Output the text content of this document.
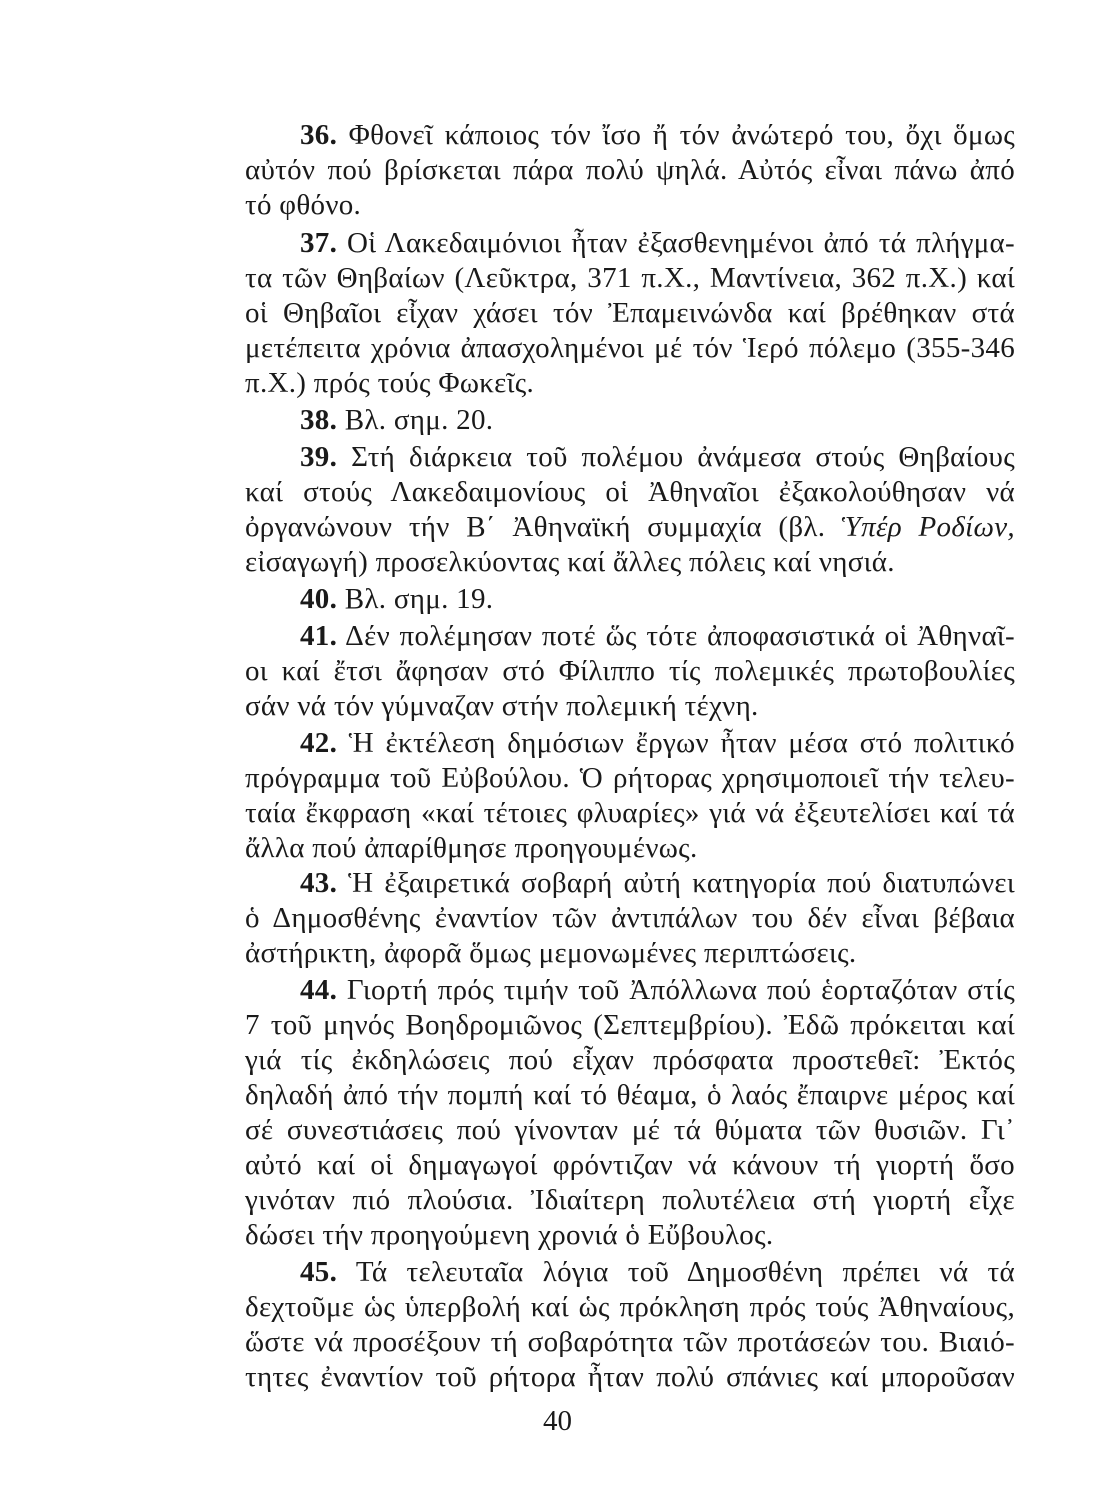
36. Φθονεῖ κάποιος τόν ἴσο ἤ τόν ἀνώτερό του, ὄχι ὅμως
αὐτόν πού βρίσκεται πάρα πολύ ψηλά. Αὐτός εἶναι πάνω ἀπό
τό φθόνο.
37. Οἱ Λακεδαιμόνιοι ἦταν ἐξασθενημένοι ἀπό τά πλήγμα-
τα τῶν Θηβαίων (Λεῦκτρα, 371 π.Χ., Μαντίνεια, 362 π.Χ.) καί
οἱ Θηβαῖοι εἶχαν χάσει τόν Ἐπαμεινώνδα καί βρέθηκαν στά
μετέπειτα χρόνια ἀπασχολημένοι μέ τόν Ἱερό πόλεμο (355-346
π.Χ.) πρός τούς Φωκεῖς.
38. Βλ. σημ. 20.
39. Στή διάρκεια τοῦ πολέμου ἀνάμεσα στούς Θηβαίους
καί στούς Λακεδαιμονίους οἱ Ἀθηναῖοι ἐξακολούθησαν νά
ὀργανώνουν τήν Β΄ Ἀθηναϊκή συμμαχία (βλ. Ὑπέρ Ροδίων,
εἰσαγωγή) προσελκύοντας καί ἄλλες πόλεις καί νησιά.
40. Βλ. σημ. 19.
41. Δέν πολέμησαν ποτέ ὥς τότε ἀποφασιστικά οἱ Ἀθηναῖ-
οι καί ἔτσι ἄφησαν στό Φίλιππο τίς πολεμικές πρωτοβουλίες
σάν νά τόν γύμναζαν στήν πολεμική τέχνη.
42. Ἡ ἐκτέλεση δημόσιων ἔργων ἦταν μέσα στό πολιτικό
πρόγραμμα τοῦ Εὐβούλου. Ὁ ρήτορας χρησιμοποιεῖ τήν τελευ-
ταία ἔκφραση «καί τέτοιες φλυαρίες» γιά νά ἐξευτελίσει καί τά
ἄλλα πού ἀπαρίθμησε προηγουμένως.
43. Ἡ ἐξαιρετικά σοβαρή αὐτή κατηγορία πού διατυπώνει
ὁ Δημοσθένης ἐναντίον τῶν ἀντιπάλων του δέν εἶναι βέβαια
ἀστήρικτη, ἀφορᾶ ὅμως μεμονωμένες περιπτώσεις.
44. Γιορτή πρός τιμήν τοῦ Ἀπόλλωνα πού ἑορταζόταν στίς
7 τοῦ μηνός Βοηδρομιῶνος (Σεπτεμβρίου). Ἐδῶ πρόκειται καί
γιά τίς ἐκδηλώσεις πού εἶχαν πρόσφατα προστεθεῖ: Ἐκτός
δηλαδή ἀπό τήν πομπή καί τό θέαμα, ὁ λαός ἔπαιρνε μέρος καί
σέ συνεστιάσεις πού γίνονταν μέ τά θύματα τῶν θυσιῶν. Γι᾽
αὐτό καί οἱ δημαγωγοί φρόντιζαν νά κάνουν τή γιορτή ὅσο
γινόταν πιό πλούσια. Ἰδιαίτερη πολυτέλεια στή γιορτή εἶχε
δώσει τήν προηγούμενη χρονιά ὁ Εὔβουλος.
45. Τά τελευταῖα λόγια τοῦ Δημοσθένη πρέπει νά τά
δεχτοῦμε ὡς ὑπερβολή καί ὡς πρόκληση πρός τούς Ἀθηναίους,
ὥστε νά προσέξουν τή σοβαρότητα τῶν προτάσεών του. Βιαιό-
τητες ἐναντίον τοῦ ρήτορα ἦταν πολύ σπάνιες καί μποροῦσαν
40
